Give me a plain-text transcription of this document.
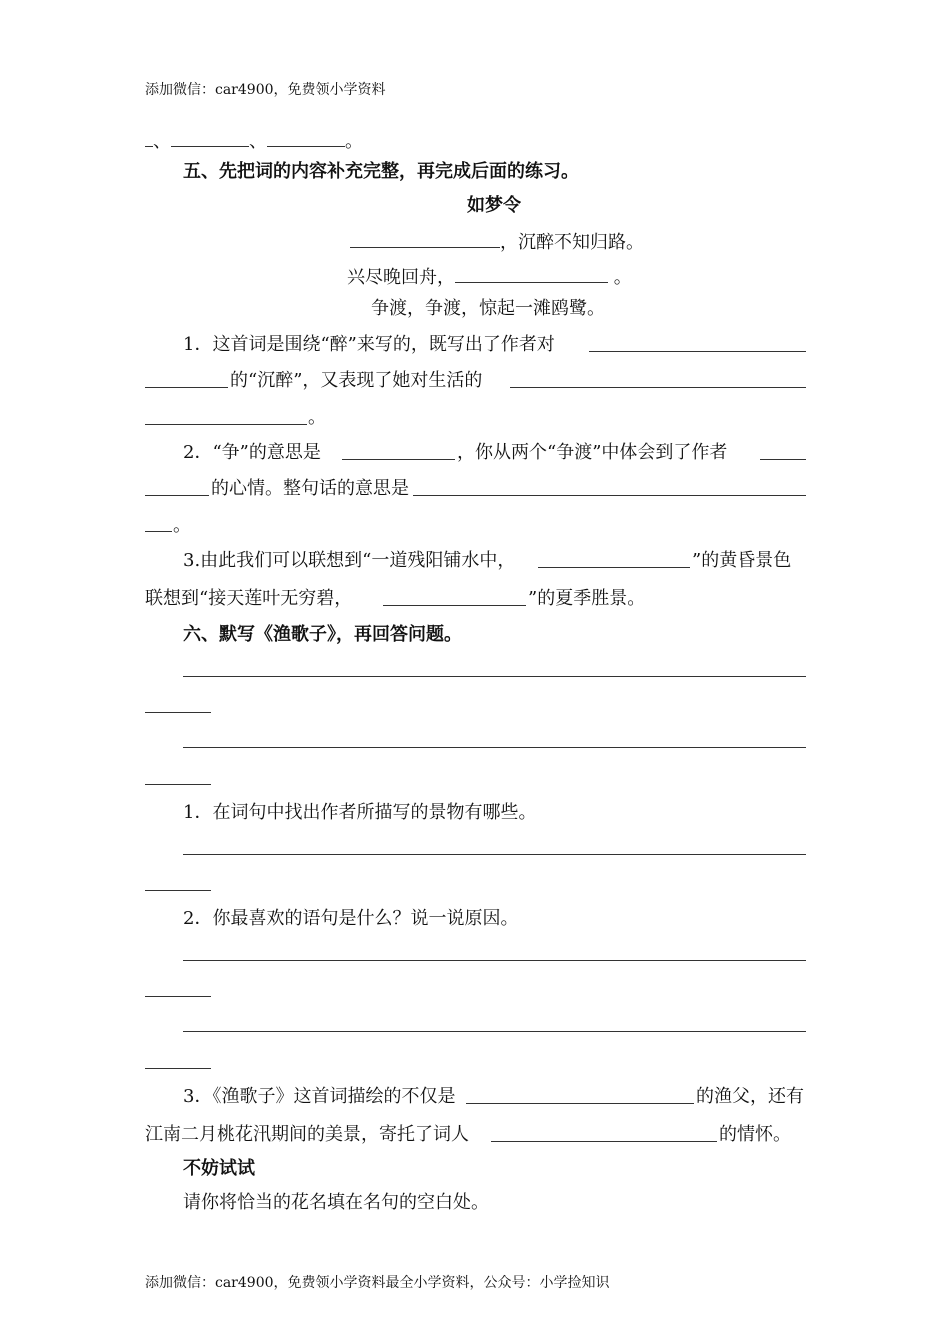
添加微信：car4900，免费领小学资料
、	、	。
五、先把词的内容补充完整，再完成后面的练习。
如梦令
，沉醉不知归路。
兴尽晚回舟，	。
争渡，争渡，惊起一滩鸥鹭。
1．这首词是围绕“醉”来写的，既写出了作者对
的“沉醉”，又表现了她对生活的
。
2．“争”的意思是	，你从两个“争渡”中体会到了作者
的心情。整句话的意思是
。
3.由此我们可以联想到“一道残阳铺水中，	”的黄昏景色
联想到“接天莲叶无穷碧，	”的夏季胜景。
六、默写《渔歌子》，再回答问题。
1．在词句中找出作者所描写的景物有哪些。
2．你最喜欢的语句是什么？说一说原因。
3．《渔歌子》这首词描绘的不仅是	的渔父，还有
江南二月桃花汛期间的美景，寄托了词人	的情怀。
不妨试试
请你将恰当的花名填在名句的空白处。
添加微信：car4900，免费领小学资料最全小学资料，公众号：小学捡知识
